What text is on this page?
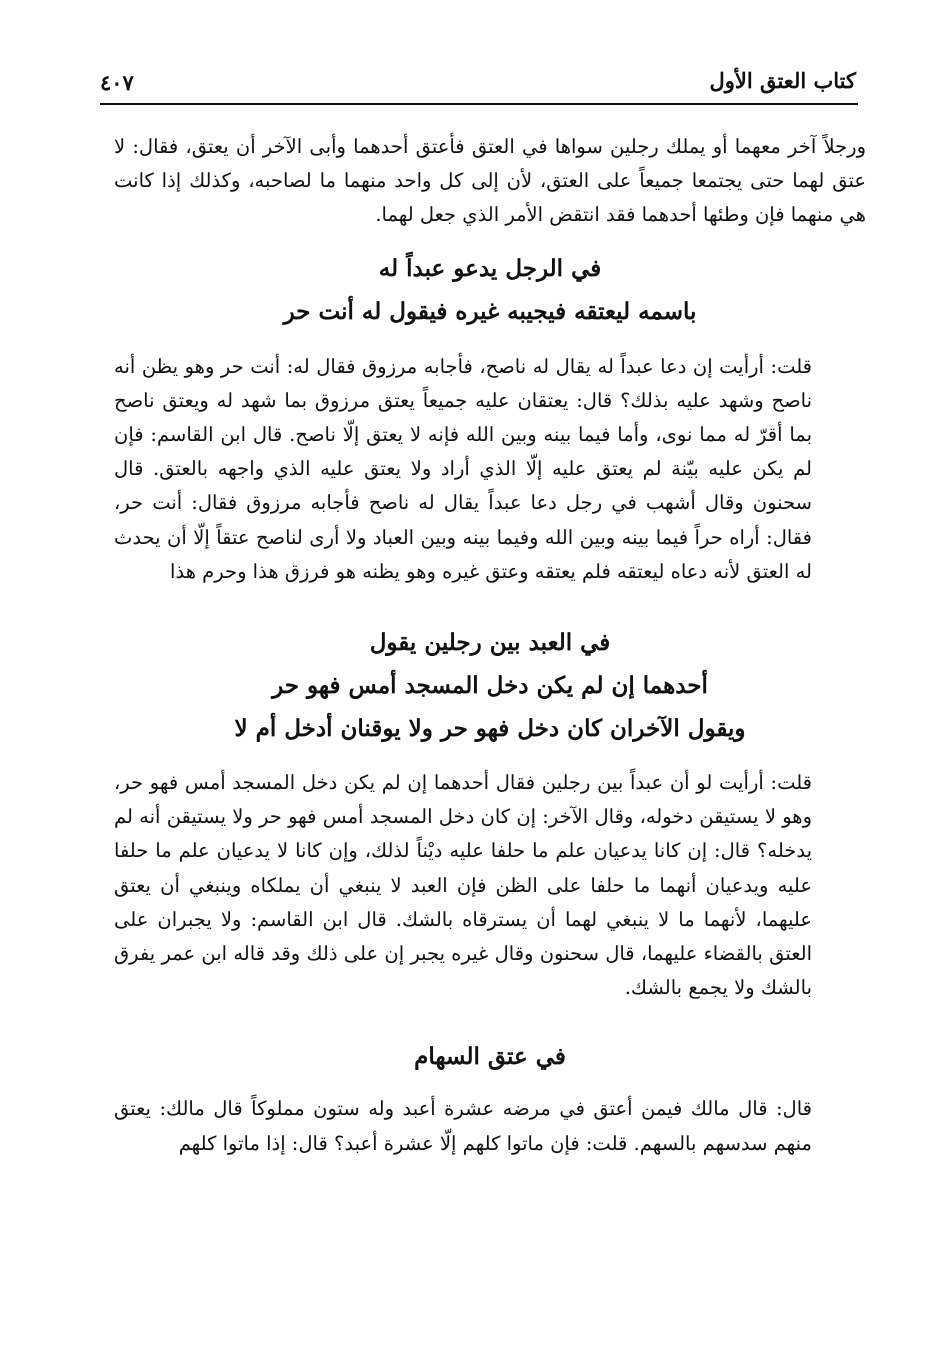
كتاب العتق الأول
٤٠٧

ورجلاً آخر معهما أو يملك رجلين سواها في العتق فأعتق أحدهما وأبى الآخر أن يعتق، فقال: لا عتق لهما حتى يجتمعا جميعاً على العتق، لأن إلى كل واحد منهما ما لصاحبه، وكذلك إذا كانت هي منهما فإن وطئها أحدهما فقد انتقض الأمر الذي جعل لهما.

في الرجل يدعو عبداً له
باسمه ليعتقه فيجيبه غيره فيقول له أنت حر

قلت: أرأيت إن دعا عبداً له يقال له ناصح، فأجابه مرزوق فقال له: أنت حر وهو يظن أنه ناصح وشهد عليه بذلك؟ قال: يعتقان عليه جميعاً يعتق مرزوق بما شهد له ويعتق ناصح بما أقرّ له مما نوى، وأما فيما بينه وبين الله فإنه لا يعتق إلّا ناصح. قال ابن القاسم: فإن لم يكن عليه بيّنة لم يعتق عليه إلّا الذي أراد ولا يعتق عليه الذي واجهه بالعتق. قال سحنون وقال أشهب في رجل دعا عبداً يقال له ناصح فأجابه مرزوق فقال: أنت حر، فقال: أراه حراً فيما بينه وبين الله وفيما بينه وبين العباد ولا أرى لناصح عتقاً إلّا أن يحدث له العتق لأنه دعاه ليعتقه فلم يعتقه وعتق غيره وهو يظنه هو فرزق هذا وحرم هذا

في العبد بين رجلين يقول
أحدهما إن لم يكن دخل المسجد أمس فهو حر
ويقول الآخران كان دخل فهو حر ولا يوقنان أدخل أم لا

قلت: أرأيت لو أن عبداً بين رجلين فقال أحدهما إن لم يكن دخل المسجد أمس فهو حر، وهو لا يستيقن دخوله، وقال الآخر: إن كان دخل المسجد أمس فهو حر ولا يستيقن أنه لم يدخله؟ قال: إن كانا يدعيان علم ما حلفا عليه ديْناً لذلك، وإن كانا لا يدعيان علم ما حلفا عليه ويدعيان أنهما ما حلفا على الظن فإن العبد لا ينبغي أن يملكاه وينبغي أن يعتق عليهما، لأنهما ما لا ينبغي لهما أن يسترقاه بالشك. قال ابن القاسم: ولا يجبران على العتق بالقضاء عليهما، قال سحنون وقال غيره يجبر إن على ذلك وقد قاله ابن عمر يفرق بالشك ولا يجمع بالشك.

في عتق السهام

قال: قال مالك فيمن أعتق في مرضه عشرة أعبد وله ستون مملوكاً قال مالك: يعتق منهم سدسهم بالسهم. قلت: فإن ماتوا كلهم إلّا عشرة أعبد؟ قال: إذا ماتوا كلهم
